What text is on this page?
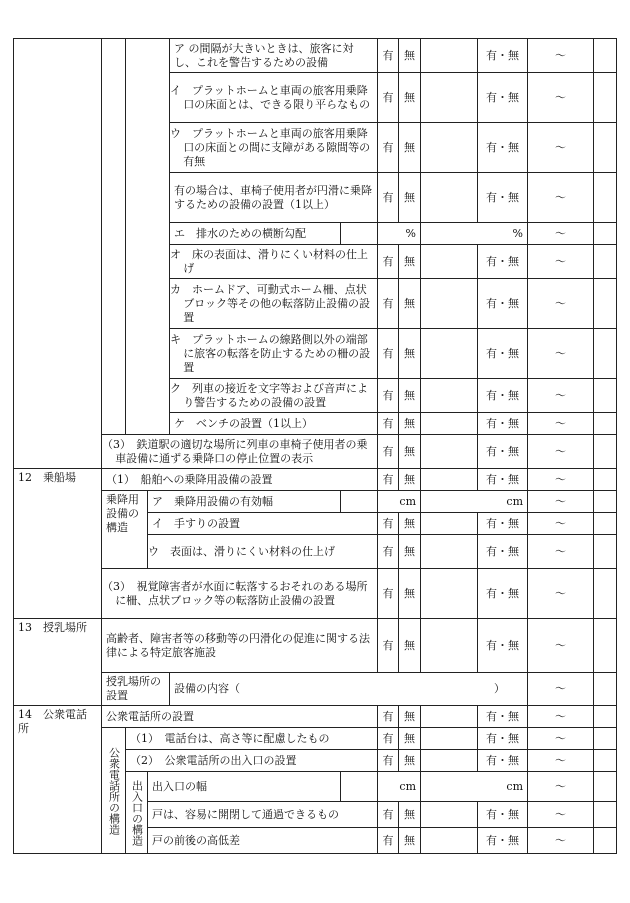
				ア の間隔が大きいときは、旅客に対し、これを警告するための設備		有	無		有・無	〜	
				イ　プラットホームと車両の旅客用乗降口の床面とは、できる限り平らなもの		有	無		有・無	〜	
				ウ　プラットホームと車両の旅客用乗降口の床面との間に支障がある隙間等の有無		有	無		有・無	〜	
				有の場合は、車椅子使用者が円滑に乗降するための設備の設置（1以上）		有	無		有・無	〜	
				エ　排水のための横断勾配		%		%		〜	
				オ　床の表面は、滑りにくい材料の仕上げ		有	無		有・無	〜	
				カ　ホームドア、可動式ホーム柵、点状ブロック等その他の転落防止設備の設置		有	無		有・無	〜	
				キ　プラットホームの線路側以外の端部に旅客の転落を防止するための柵の設置		有	無		有・無	〜	
				ク　列車の接近を文字等および音声により警告するための設備の設置		有	無		有・無	〜	
				ケ　ベンチの設置（1以上）		有	無		有・無	〜	
	（3）　鉄道駅の適切な場所に列車の車椅子使用者の乗車設備に通ずる乗降口の停止位置の表示					有	無		有・無	〜	
12　乗船場	（1）　船舶への乗降用設備の設置					有	無		有・無	〜	
	乗降用設備の構造		ア　乗降用設備の有効幅			cm		cm		〜	
			イ　手すりの設置			有	無		有・無	〜	
			ウ　表面は、滑りにくい材料の仕上げ			有	無		有・無	〜	

	（3）　視覚障害者が水面に転落するおそれのある場所に柵、点状ブロック等の転落防止設備の設置					有	無		有・無	〜	
13　授乳場所	高齢者、障害者等の移動等の円滑化の促進に関する法律による特定旅客施設					有	無		有・無	〜	
	授乳場所の設置			設備の内容（ ）						〜	
14　公衆電話所	公衆電話所の設置					有	無		有・無	〜	

	公衆電話所の構造	（1）　電話台は、高さ等に配慮したもの				有	無		有・無	〜	
		（2）　公衆電話所の出入口の設置				有	無		有・無	〜	

		出入口の構造	出入口の幅			cm		cm		〜	
			戸は、容易に開閉して通過できるもの			有	無		有・無	〜	
			戸の前後の高低差			有	無		有・無	〜	
